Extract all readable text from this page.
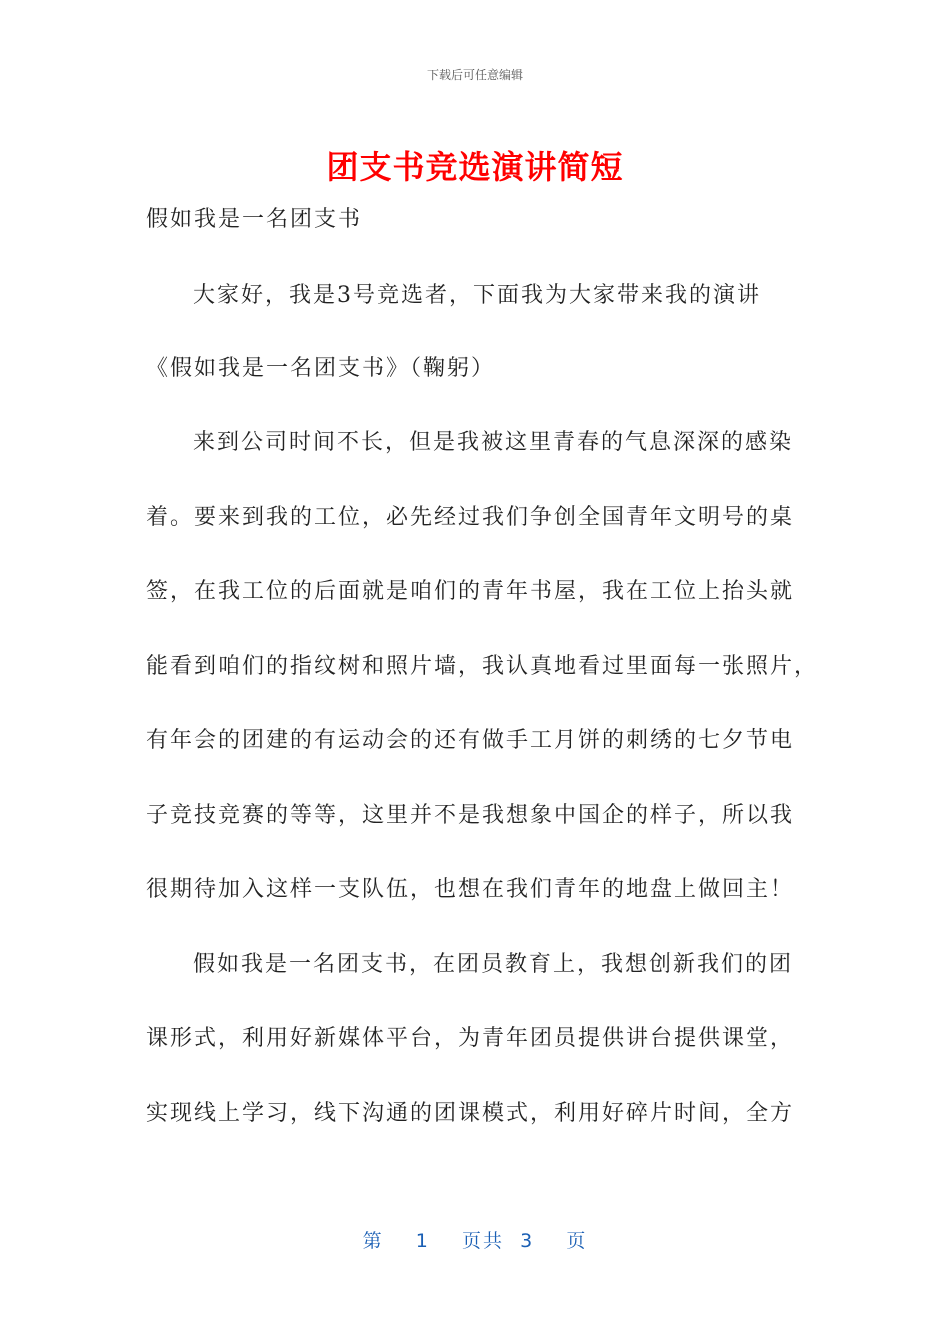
下载后可任意编辑
团支书竞选演讲简短
假如我是一名团支书
大家好，我是3号竞选者，下面我为大家带来我的演讲
《假如我是一名团支书》（鞠躬）
来到公司时间不长，但是我被这里青春的气息深深的感染
着。要来到我的工位，必先经过我们争创全国青年文明号的桌
签，在我工位的后面就是咱们的青年书屋，我在工位上抬头就
能看到咱们的指纹树和照片墙，我认真地看过里面每一张照片，
有年会的团建的有运动会的还有做手工月饼的刺绣的七夕节电
子竞技竞赛的等等，这里并不是我想象中国企的样子，所以我
很期待加入这样一支队伍，也想在我们青年的地盘上做回主！
假如我是一名团支书，在团员教育上，我想创新我们的团
课形式，利用好新媒体平台，为青年团员提供讲台提供课堂，
实现线上学习，线下沟通的团课模式，利用好碎片时间，全方
第 1 页共 3 页
